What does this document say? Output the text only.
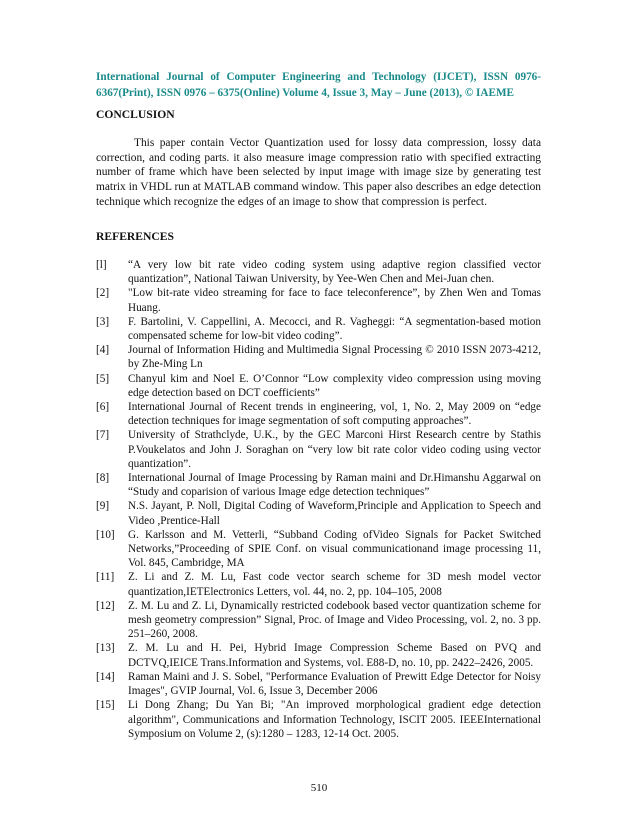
International Journal of Computer Engineering and Technology (IJCET), ISSN 0976-6367(Print), ISSN 0976 – 6375(Online) Volume 4, Issue 3, May – June (2013), © IAEME
CONCLUSION
This paper contain Vector Quantization used for lossy data compression, lossy data correction, and coding parts. it also measure image compression ratio with specified extracting number of frame which have been selected by input image with image size by generating test matrix in VHDL run at MATLAB command window. This paper also describes an edge detection technique which recognize the edges of an image to show that compression is perfect.
REFERENCES
[l]	“A very low bit rate video coding system using adaptive region classified vector quantization”, National Taiwan University, by Yee-Wen Chen and Mei-Juan chen.
[2]	"Low bit-rate video streaming for face to face teleconference”, by Zhen Wen and Tomas Huang.
[3]	F. Bartolini, V. Cappellini, A. Mecocci, and R. Vagheggi: “A segmentation-based motion compensated scheme for low-bit video coding”.
[4]	Journal of Information Hiding and Multimedia Signal Processing © 2010 ISSN 2073-4212, by Zhe-Ming Ln
[5]	Chanyul kim and Noel E. O’Connor “Low complexity video compression using moving edge detection based on DCT coefficients”
[6]	International Journal of Recent trends in engineering, vol, 1, No. 2, May 2009 on “edge detection techniques for image segmentation of soft computing approaches”.
[7]	University of Strathclyde, U.K., by the GEC Marconi Hirst Research centre by Stathis P.Voukelatos and John J. Soraghan on “very low bit rate color video coding using vector quantization”.
[8]	International Journal of Image Processing by Raman maini and Dr.Himanshu Aggarwal on “Study and coparision of various Image edge detection techniques”
[9]	N.S. Jayant, P. Noll, Digital Coding of Waveform,Principle and Application to Speech and Video ,Prentice-Hall
[10]	G. Karlsson and M. Vetterli, “Subband Coding ofVideo Signals for Packet Switched Networks,”Proceeding of SPIE Conf. on visual communicationand image processing 11, Vol. 845, Cambridge, MA
[11]	Z. Li and Z. M. Lu, Fast code vector search scheme for 3D mesh model vector quantization,IETElectronics Letters, vol. 44, no. 2, pp. 104–105, 2008
[12]	Z. M. Lu and Z. Li, Dynamically restricted codebook based vector quantization scheme for mesh geometry compression” Signal, Proc. of Image and Video Processing, vol. 2, no. 3 pp. 251–260, 2008.
[13]	Z. M. Lu and H. Pei, Hybrid Image Compression Scheme Based on PVQ and DCTVQ,IEICE Trans.Information and Systems, vol. E88-D, no. 10, pp. 2422–2426, 2005.
[14]	Raman Maini and J. S. Sobel, "Performance Evaluation of Prewitt Edge Detector for Noisy Images", GVIP Journal, Vol. 6, Issue 3, December 2006
[15]	Li Dong Zhang; Du Yan Bi; "An improved morphological gradient edge detection algorithm", Communications and Information Technology, ISCIT 2005. IEEEInternational Symposium on Volume 2, (s):1280 – 1283, 12-14 Oct. 2005.
510
